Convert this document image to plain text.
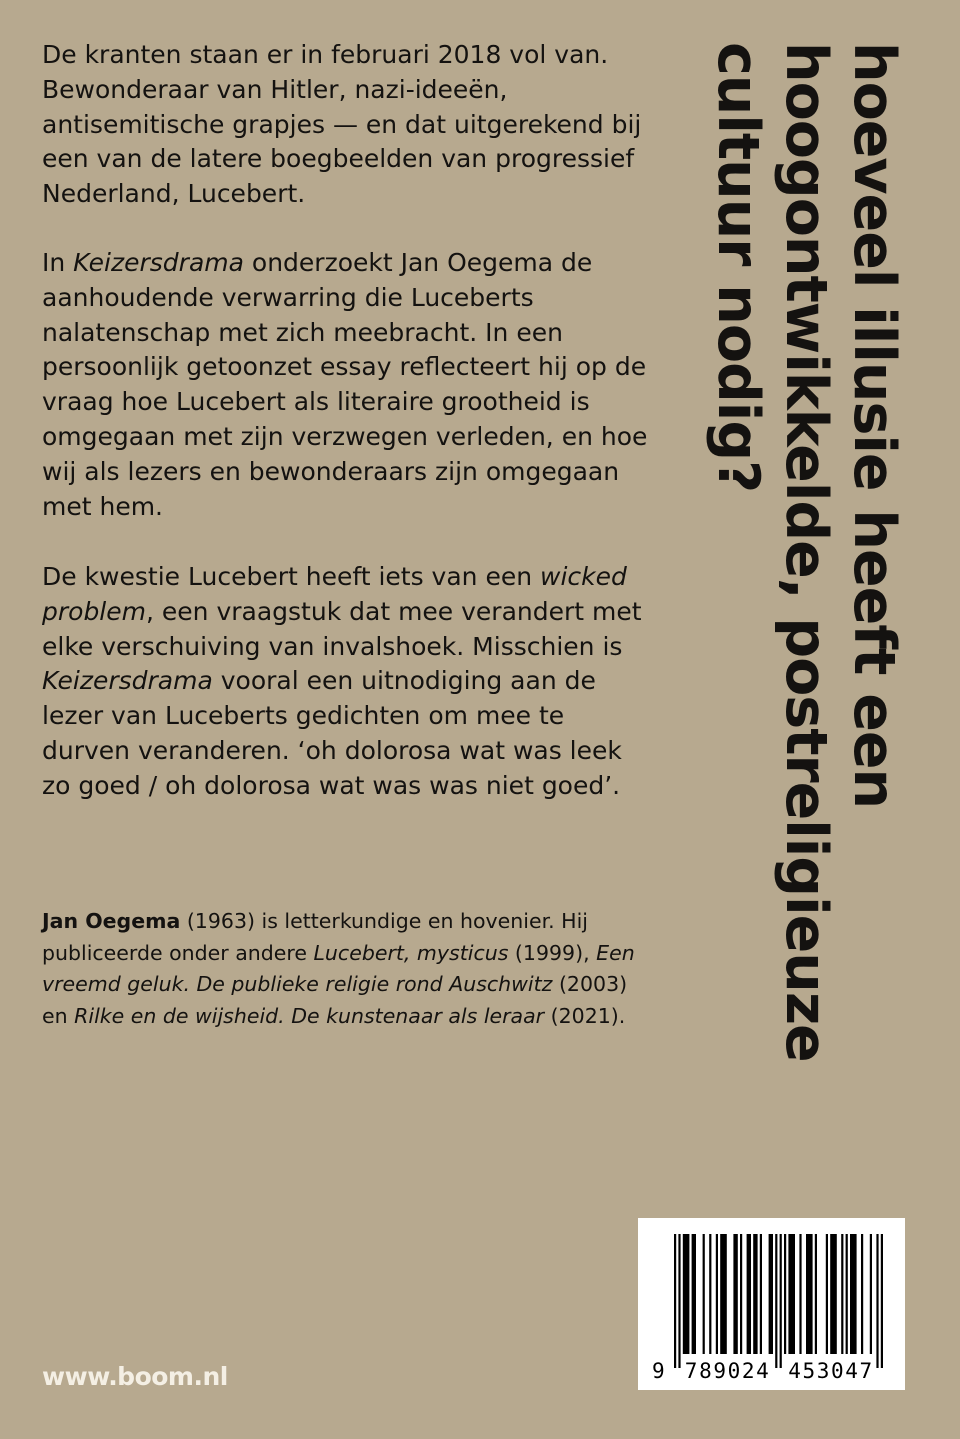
hoeveel illusie heeft een
hoogontwikkelde, postreligieuze
cultuur nodig?

De kranten staan er in februari 2018 vol van. Bewonderaar van Hitler, nazi-ideeën, antisemitische grapjes — en dat uitgerekend bij een van de latere boegbeelden van progressief Nederland, Lucebert.

In Keizersdrama onderzoekt Jan Oegema de aanhoudende verwarring die Luceberts nalatenschap met zich meebracht. In een persoonlijk getoonzet essay reflecteert hij op de vraag hoe Lucebert als literaire grootheid is omgegaan met zijn verzwegen verleden, en hoe wij als lezers en bewonderaars zijn omgegaan met hem.

De kwestie Lucebert heeft iets van een wicked problem, een vraagstuk dat mee verandert met elke verschuiving van invalshoek. Misschien is Keizersdrama vooral een uitnodiging aan de lezer van Luceberts gedichten om mee te durven veranderen. ‘oh dolorosa wat was leek zo goed / oh dolorosa wat was was niet goed’.

Jan Oegema (1963) is letterkundige en hovenier. Hij publiceerde onder andere Lucebert, mysticus (1999), Een vreemd geluk. De publieke religie rond Auschwitz (2003) en Rilke en de wijsheid. De kunstenaar als leraar (2021).

www.boom.nl	9 789024 453047
